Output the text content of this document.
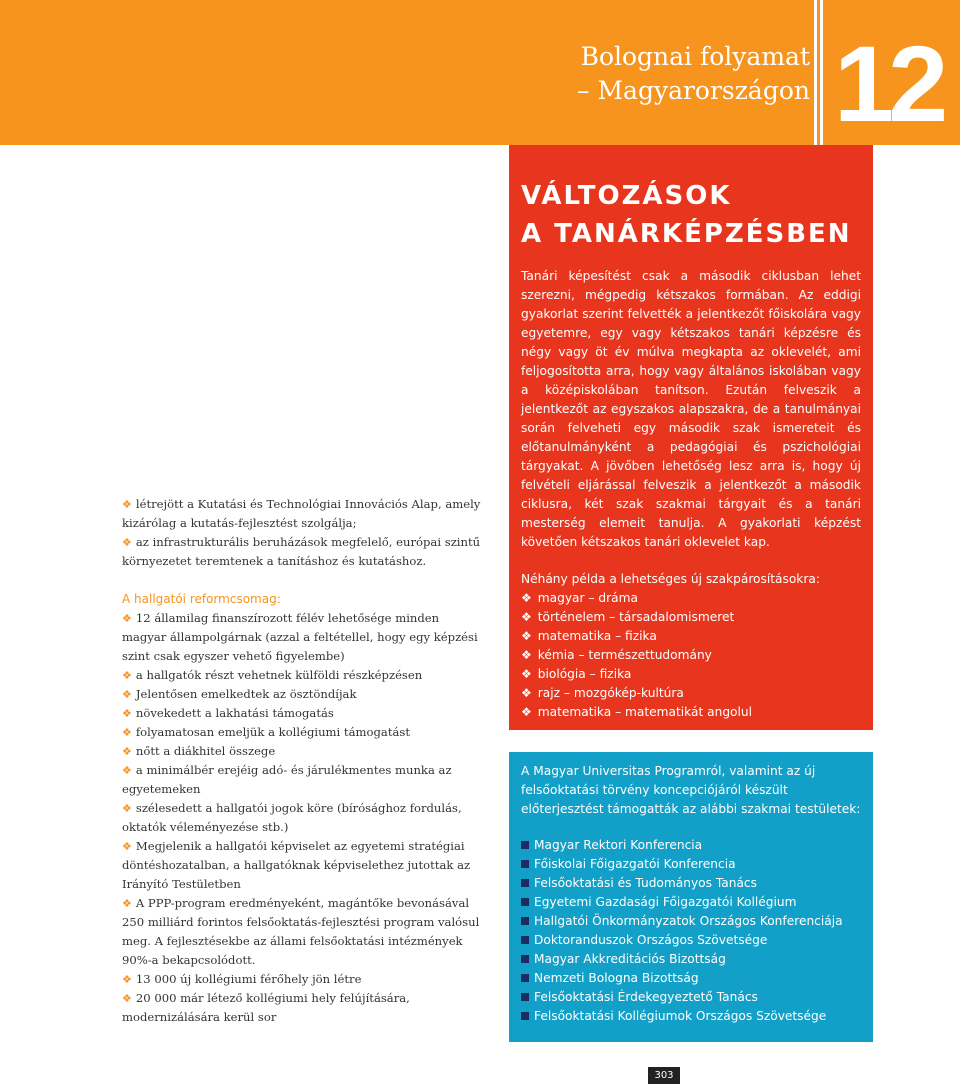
Bolognai folyamat
– Magyarországon 12
VÁLTOZÁSOK
A TANÁRKÉPZÉSBEN

Tanári képesítést csak a második ciklusban lehet szerezni, mégpedig kétszakos formában. Az eddigi gyakorlat szerint felvették a jelentkezőt főiskolára vagy egyetemre, egy vagy kétszakos tanári képzésre és négy vagy öt év múlva megkapta az oklevelét, ami feljogosította arra, hogy vagy általános iskolában vagy a középiskolában tanítson. Ezután felveszik a jelentkezőt az egyszakos alapszakra, de a tanulmányai során felveheti egy második szak ismereteit és előtanulmányként a pedagógiai és pszichológiai tárgyakat. A jövőben lehetőség lesz arra is, hogy új felvételi eljárással felveszik a jelentkezőt a második ciklusra, két szak szakmai tárgyait és a tanári mesterség elemeit tanulja. A gyakorlati képzést követően kétszakos tanári oklevelet kap.

Néhány példa a lehetséges új szakpárosításokra:
❖ magyar – dráma
❖ történelem – társadalomismeret
❖ matematika – fizika
❖ kémia – természettudomány
❖ biológia – fizika
❖ rajz – mozgókép-kultúra
❖ matematika – matematikát angolul
A Magyar Universitas Programról, valamint az új felsőoktatási törvény koncepciójáról készült előterjesztést támogatták az alábbi szakmai testületek:
Magyar Rektori Konferencia
Főiskolai Főigazgatói Konferencia
Felsőoktatási és Tudományos Tanács
Egyetemi Gazdasági Főigazgatói Kollégium
Hallgatói Önkormányzatok Országos Konferenciája
Doktoranduszok Országos Szövetsége
Magyar Akkreditációs Bizottság
Nemzeti Bologna Bizottság
Felsőoktatási Érdekegyeztető Tanács
Felsőoktatási Kollégiumok Országos Szövetsége

❖ létrejött a Kutatási és Technológiai Innovációs Alap, amely kizárólag a kutatás-fejlesztést szolgálja;

❖ az infrastrukturális beruházások megfelelő, európai szintű környezetet teremtenek a tanításhoz és kutatáshoz.

A hallgatói reformcsomag:

❖ 12 államilag finanszírozott félév lehetősége minden magyar állampolgárnak (azzal a feltétellel, hogy egy képzési szint csak egyszer vehető figyelembe)

❖ a hallgatók részt vehetnek külföldi részképzésen

❖ Jelentősen emelkedtek az ösztöndíjak

❖ növekedett a lakhatási támogatás

❖ folyamatosan emeljük a kollégiumi támogatást

❖ nőtt a diákhitel összege

❖ a minimálbér erejéig adó- és járulékmentes munka az egyetemeken

❖ szélesedett a hallgatói jogok köre (bírósághoz fordulás, oktatók véleményezése stb.)

❖ Megjelenik a hallgatói képviselet az egyetemi stratégiai döntéshozatalban, a hallgatóknak képviselethez jutottak az Irányító Testületben

❖ A PPP-program eredményeként, magántőke bevonásával 250 milliárd forintos felsőoktatás-fejlesztési program valósul meg. A fejlesztésekbe az állami felsőoktatási intézmények 90%-a bekapcsolódott.

❖ 13 000 új kollégiumi férőhely jön létre

❖ 20 000 már létező kollégiumi hely felújítására, modernizálására kerül sor

303
